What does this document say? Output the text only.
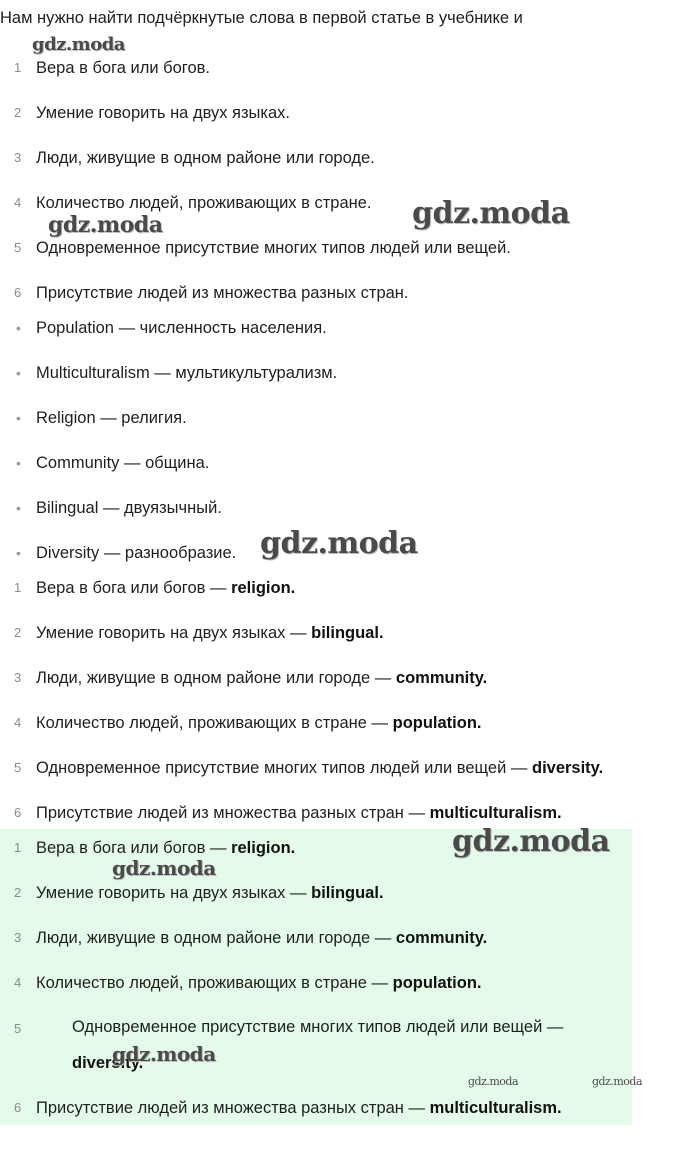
Нам нужно найти подчёркнутые слова в первой статье в учебнике и
1 Вера в бога или богов.
2 Умение говорить на двух языках.
3 Люди, живущие в одном районе или городе.
4 Количество людей, проживающих в стране.
5 Одновременное присутствие многих типов людей или вещей.
6 Присутствие людей из множества разных стран.
• Population — численность населения.
• Multiculturalism — мультикультурализм.
• Religion — религия.
• Community — община.
• Bilingual — двуязычный.
• Diversity — разнообразие.
1 Вера в бога или богов — religion.
2 Умение говорить на двух языках — bilingual.
3 Люди, живущие в одном районе или городе — community.
4 Количество людей, проживающих в стране — population.
5 Одновременное присутствие многих типов людей или вещей — diversity.
6 Присутствие людей из множества разных стран — multiculturalism.
1 Вера в бога или богов — religion.
2 Умение говорить на двух языках — bilingual.
3 Люди, живущие в одном районе или городе — community.
4 Количество людей, проживающих в стране — population.
5	Одновременное присутствие многих типов людей или вещей — diversity.
6 Присутствие людей из множества разных стран — multiculturalism.
gdz.moda
gdz.moda	gdz.moda
gdz.moda
gdz.moda
gdz.moda
gdz.moda
gdz.moda	gdz.moda
